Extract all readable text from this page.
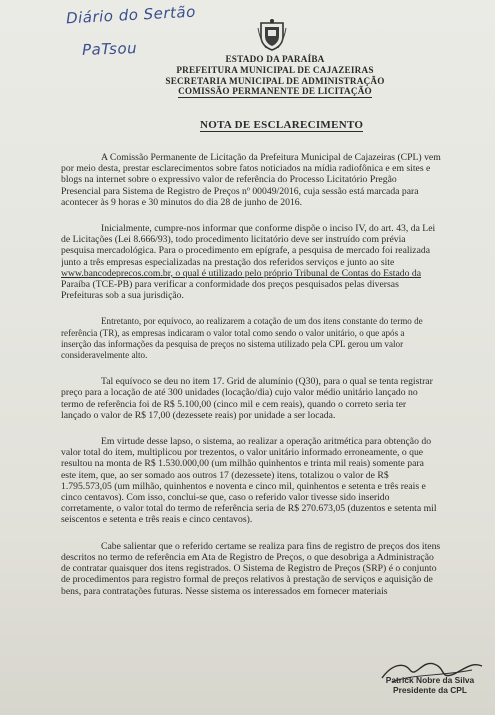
Diário do Sertão
PaTsou
ESTADO DA PARAÍBA
PREFEITURA MUNICIPAL DE CAJAZEIRAS
SECRETARIA MUNICIPAL DE ADMINISTRAÇÃO
COMISSÃO PERMANENTE DE LICITAÇÃO
NOTA DE ESCLARECIMENTO
A Comissão Permanente de Licitação da Prefeitura Municipal de Cajazeiras (CPL) vem
por meio desta, prestar esclarecimentos sobre fatos noticiados na mídia radiofônica e em sites e
blogs na internet sobre o expressivo valor de referência do Processo Licitatório Pregão
Presencial para Sistema de Registro de Preços nº 00049/2016, cuja sessão está marcada para
acontecer às 9 horas e 30 minutos do dia 28 de junho de 2016.
Inicialmente, cumpre-nos informar que conforme dispõe o inciso IV, do art. 43, da Lei
de Licitações (Lei 8.666/93), todo procedimento licitatório deve ser instruído com prévia
pesquisa mercadológica. Para o procedimento em epígrafe, a pesquisa de mercado foi realizada
junto a três empresas especializadas na prestação dos referidos serviços e junto ao site
www.bancodeprecos.com.br, o qual é utilizado pelo próprio Tribunal de Contas do Estado da
Paraíba (TCE-PB) para verificar a conformidade dos preços pesquisados pelas diversas
Prefeituras sob a sua jurisdição.
Entretanto, por equívoco, ao realizarem a cotação de um dos itens constante do termo de
referência (TR), as empresas indicaram o valor total como sendo o valor unitário, o que após a
inserção das informações da pesquisa de preços no sistema utilizado pela CPL gerou um valor
consideravelmente alto.
Tal equívoco se deu no item 17. Grid de alumínio (Q30), para o qual se tenta registrar
preço para a locação de até 300 unidades (locação/dia) cujo valor médio unitário lançado no
termo de referência foi de R$ 5.100,00 (cinco mil e cem reais), quando o correto seria ter
lançado o valor de R$ 17,00 (dezessete reais) por unidade a ser locada.
Em virtude desse lapso, o sistema, ao realizar a operação aritmética para obtenção do
valor total do item, multiplicou por trezentos, o valor unitário informado erroneamente, o que
resultou na monta de R$ 1.530.000,00 (um milhão quinhentos e trinta mil reais) somente para
este item, que, ao ser somado aos outros 17 (dezessete) itens, totalizou o valor de R$
1.795.573,05 (um milhão, quinhentos e noventa e cinco mil, quinhentos e setenta e três reais e
cinco centavos). Com isso, conclui-se que, caso o referido valor tivesse sido inserido
corretamente, o valor total do termo de referência seria de R$ 270.673,05 (duzentos e setenta mil
seiscentos e setenta e três reais e cinco centavos).
Cabe salientar que o referido certame se realiza para fins de registro de preços dos itens
descritos no termo de referência em Ata de Registro de Preços, o que desobriga a Administração
de contratar quaisquer dos itens registrados. O Sistema de Registro de Preços (SRP) é o conjunto
de procedimentos para registro formal de preços relativos à prestação de serviços e aquisição de
bens, para contratações futuras. Nesse sistema os interessados em fornecer materiais
Patrick Nobre da Silva
Presidente da CPL
